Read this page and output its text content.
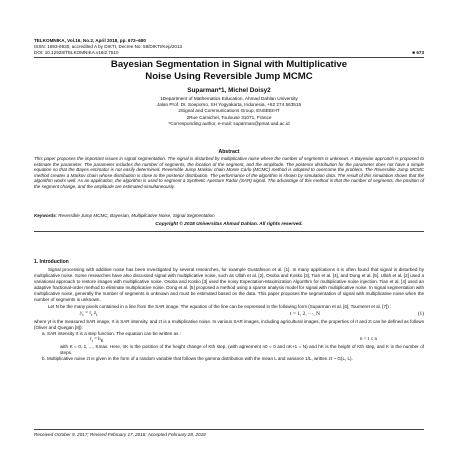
TELKOMNIKA, Vol.16, No.2, April 2018, pp. 673~680
ISSN: 1693-6930, accredited A by DIKTI, Decree No: 58/DIKTI/Kep/2013
DOI: 10.12928/TELKOMNIKA.v16i2.7510	■ 673
Bayesian Segmentation in Signal with Multiplicative
Noise Using Reversible Jump MCMC
Suparman*1, Michel Doisy2
1Department of Mathematics Education, Ahmad Dahlan University
Jalan Prof. Dr. Soepomo, SH Yogyakarta, Indonesia, +62 274 563515
2Signal and Communications Group, ENSEEIHT
2Rue Camichel, Toulouse 31071, France
*Corresponding author, e-mail: suparman@pmat.uad.ac.id
Abstract
This paper proposes the important issues in signal segmentation. The signal is disturbed by multiplicative noise where the number of segments is unknown. A Bayesian approach is proposed to estimate the parameter. The parameter includes the number of segments, the location of the segment, and the amplitude. The posterior distribution for the parameter does not have a simple equation so that the Bayes estimator is not easily determined. Reversible Jump Markov chain Monte Carlo (MCMC) method is adopted to overcome the problem. The Reversible Jump MCMC method creates a Markov chain whose distribution is close to the posterior distribution. The performance of the algorithm is shown by simulation data. The result of this simulation shows that the algorithm works well. As an application, the algorithm is used to segment a Synthetic Aperture Radar (SAR) signal. The advantage of this method is that the number of segments, the position of the segment change, and the amplitude are estimated simultaneously.
Keywords: Reversible Jump MCMC, Bayesian, Multiplicative Noise, Signal Segmentation
Copyright © 2018 Universitas Ahmad Dahlan. All rights reserved.
1. Introduction

Signal processing with additive noise has been investigated by several researches, for example Gustafsson et al. [1]. In many applications it is often found that signal is disturbed by multiplicative noise. Some researches have also discussed signal with multiplicative noise, such as Ullah et al. [2], Osoba and Kosko [3], Tian et al. [4], and Dong et al. [5]. Ullah et al. [2] used a variational approach to restore images with multiplicative noise. Osoba and Kosko [3] used the noisy Expectation-Maximization Algorithm for multiplicative noise injection. Tian et al. [4] used an adaptive fractional-order method to eliminate multiplicative noise. Dong et al. [5] proposed a method using a sparse analysis model for signal with multiplicative noise. In signal segmentation with multiplicative noise, generally the number of segments is unknown and must be estimated based on the data. This paper proposes the segmentation of signal with multiplicative noise when the number of segments is unknown.

Let N be the many pixels contained in a line from the SAR image. The equation of the line can be expressed in the following form (Suparman et al. [6], Tourneret et al. [7]) :

$y_t = r_t$ $z_t$	t = 1, 2, ···, N	(1)
where yt is the measured SAR image, rt is SAR intensity, and zt is a multiplicative noise. In various SAR images, including agricultural images, the properties of rt and zt can be defined as follows (Oliver and Quegan [8]):
a. SAR intensity rt is a step function. The equation can be written as :
$r_t = h_K$	n < t ≤ n
with K = 0, 1, ..., Kmax. Here, nK is the position of the height change of Kth step, (with agreement n0 = 0 and nK+1 = N) and hK is the height of Kth step, and K is the number of steps.
b. Multiplicative noise zt is given in the form of a random variable that follows the gamma distribution with the mean L and variance 1/L, written zt ~ G(L, L).
Received October 9, 2017; Revised February 17, 2018; Accepted February 28, 2018
